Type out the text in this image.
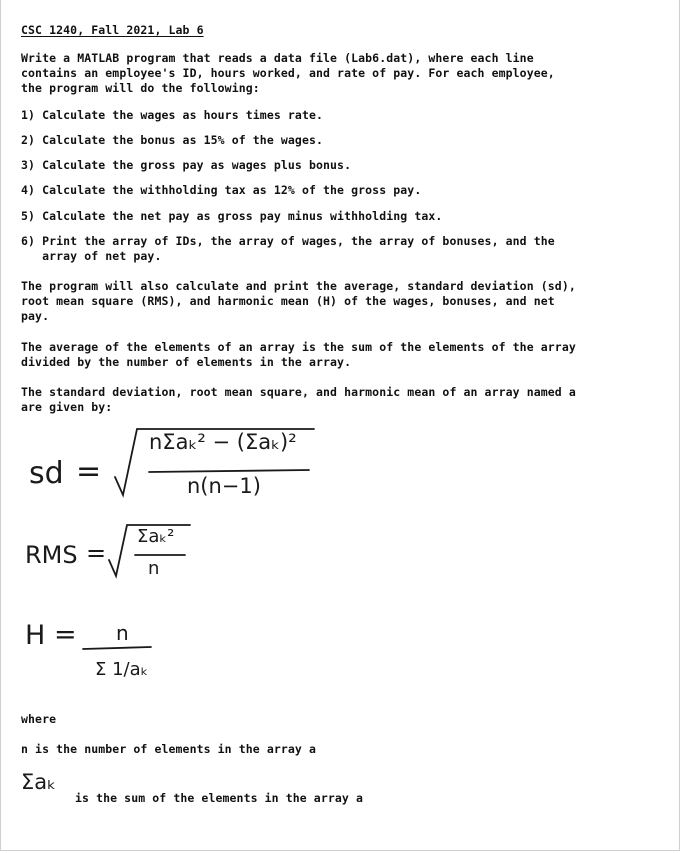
CSC 1240, Fall 2021, Lab 6
Write a MATLAB program that reads a data file (Lab6.dat), where each line
contains an employee's ID, hours worked, and rate of pay. For each employee,
the program will do the following:
1) Calculate the wages as hours times rate.
2) Calculate the bonus as 15% of the wages.
3) Calculate the gross pay as wages plus bonus.
4) Calculate the withholding tax as 12% of the gross pay.
5) Calculate the net pay as gross pay minus withholding tax.
6) Print the array of IDs, the array of wages, the array of bonuses, and the
array of net pay.
The program will also calculate and print the average, standard deviation (sd),
root mean square (RMS), and harmonic mean (H) of the wages, bonuses, and net
pay.
The average of the elements of an array is the sum of the elements of the array
divided by the number of elements in the array.
The standard deviation, root mean square, and harmonic mean of an array named a
are given by:
sd =
nΣaₖ² − (Σaₖ)²
n(n−1)
RMS =
Σaₖ²
n
H = n
Σ 1/aₖ
where
n is the number of elements in the array a
Σaₖ
is the sum of the elements in the array a
